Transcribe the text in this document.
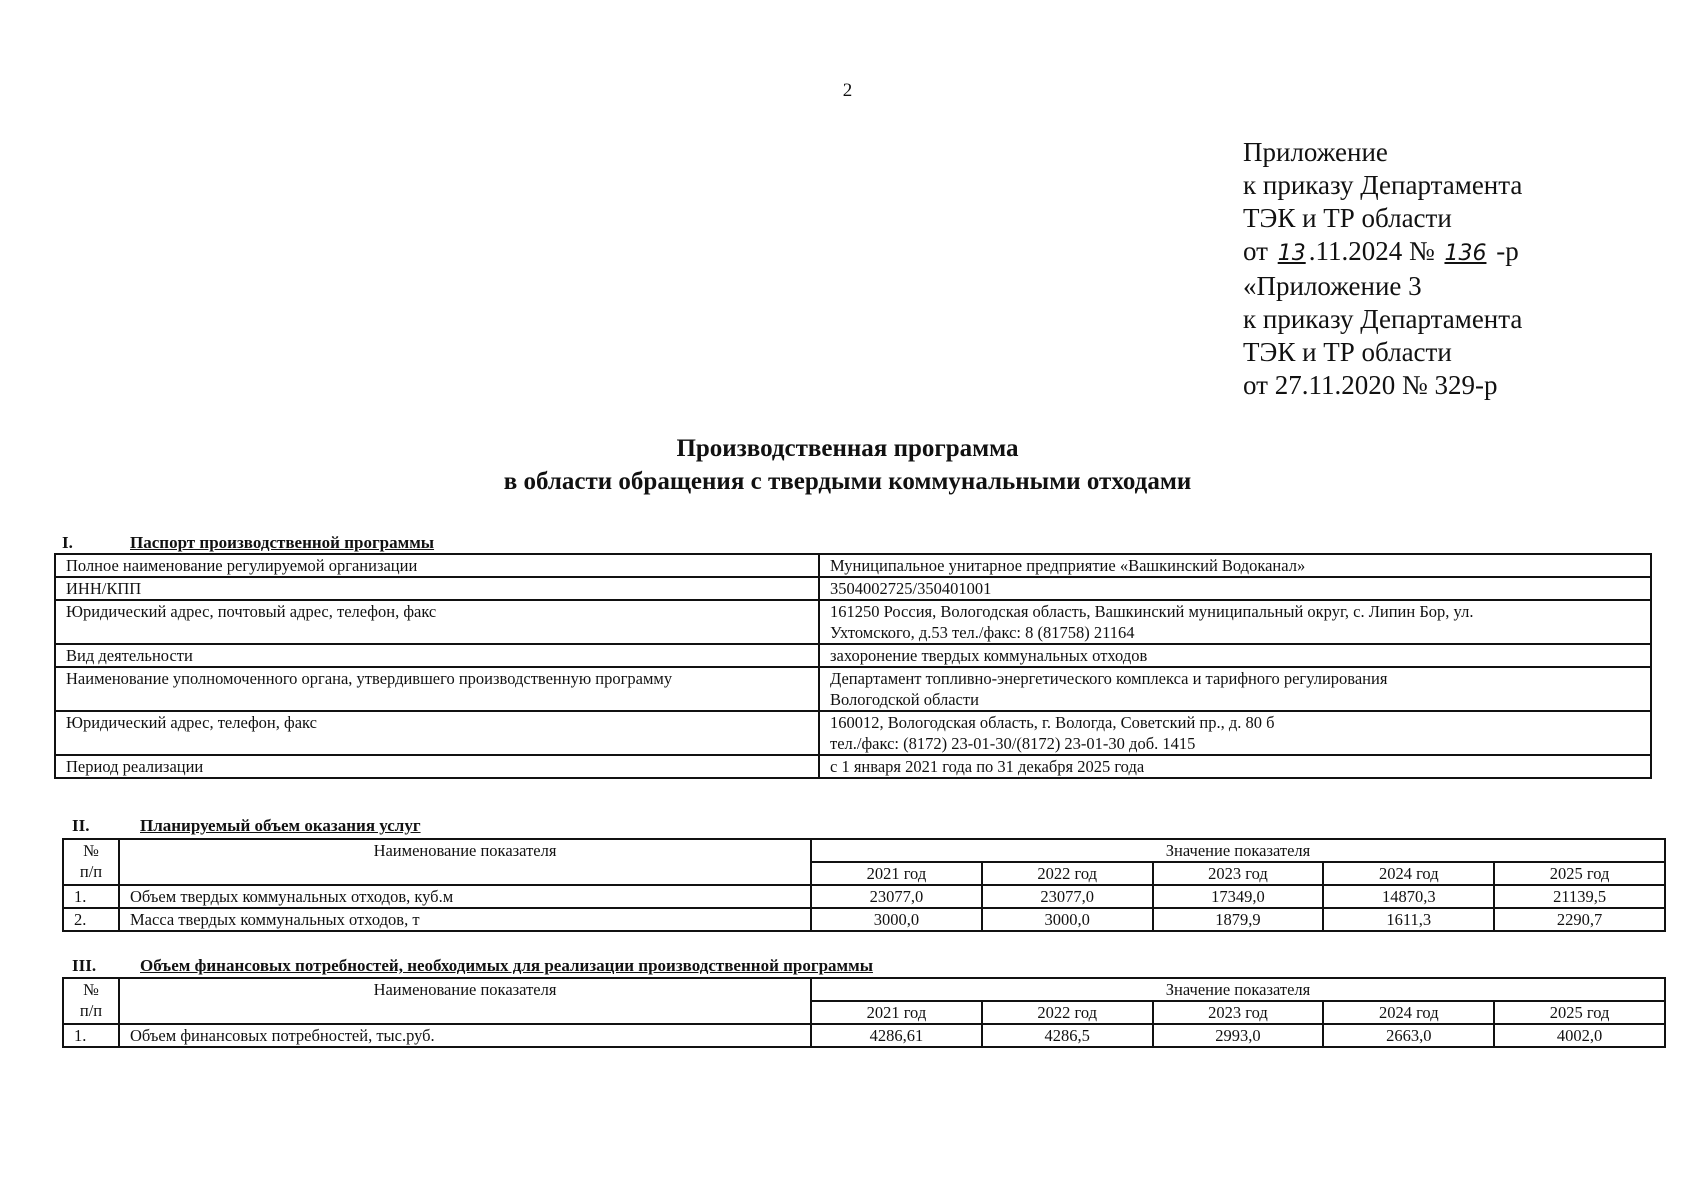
2
Приложение
к приказу Департамента
ТЭК и ТР области
от 13 .11.2024 № 136 -р
«Приложение 3
к приказу Департамента
ТЭК и ТР области
от 27.11.2020 № 329-р
Производственная программа
в области обращения с твердыми коммунальными отходами
I.	Паспорт производственной программы
Полное наименование регулируемой организации	Муниципальное унитарное предприятие «Вашкинский Водоканал»

ИНН/КПП	3504002725/350401001

Юридический адрес, почтовый адрес, телефон, факс	161250 Россия, Вологодская область, Вашкинский муниципальный округ, с. Липин Бор, ул.
Ухтомского, д.53 тел./факс: 8 (81758) 21164

Вид деятельности	захоронение твердых коммунальных отходов

Наименование уполномоченного органа, утвердившего производственную программу	Департамент топливно-энергетического комплекса и тарифного регулирования
Вологодской области

Юридический адрес, телефон, факс	160012, Вологодская область, г. Вологда, Советский пр., д. 80 б
тел./факс: (8172) 23-01-30/(8172) 23-01-30 доб. 1415

Период реализации	с 1 января 2021 года по 31 декабря 2025 года
II.	Планируемый объем оказания услуг
№
п/п	Наименование показателя	Значение показателя				
		2021 год	2022 год	2023 год	2024 год	2025 год
1.	Объем твердых коммунальных отходов, куб.м	23077,0	23077,0	17349,0	14870,3	21139,5
2.	Масса твердых коммунальных отходов, т	3000,0	3000,0	1879,9	1611,3	2290,7
III.	Объем финансовых потребностей, необходимых для реализации производственной программы
№
п/п	Наименование показателя	Значение показателя				
		2021 год	2022 год	2023 год	2024 год	2025 год
1.	Объем финансовых потребностей, тыс.руб.	4286,61	4286,5	2993,0	2663,0	4002,0
